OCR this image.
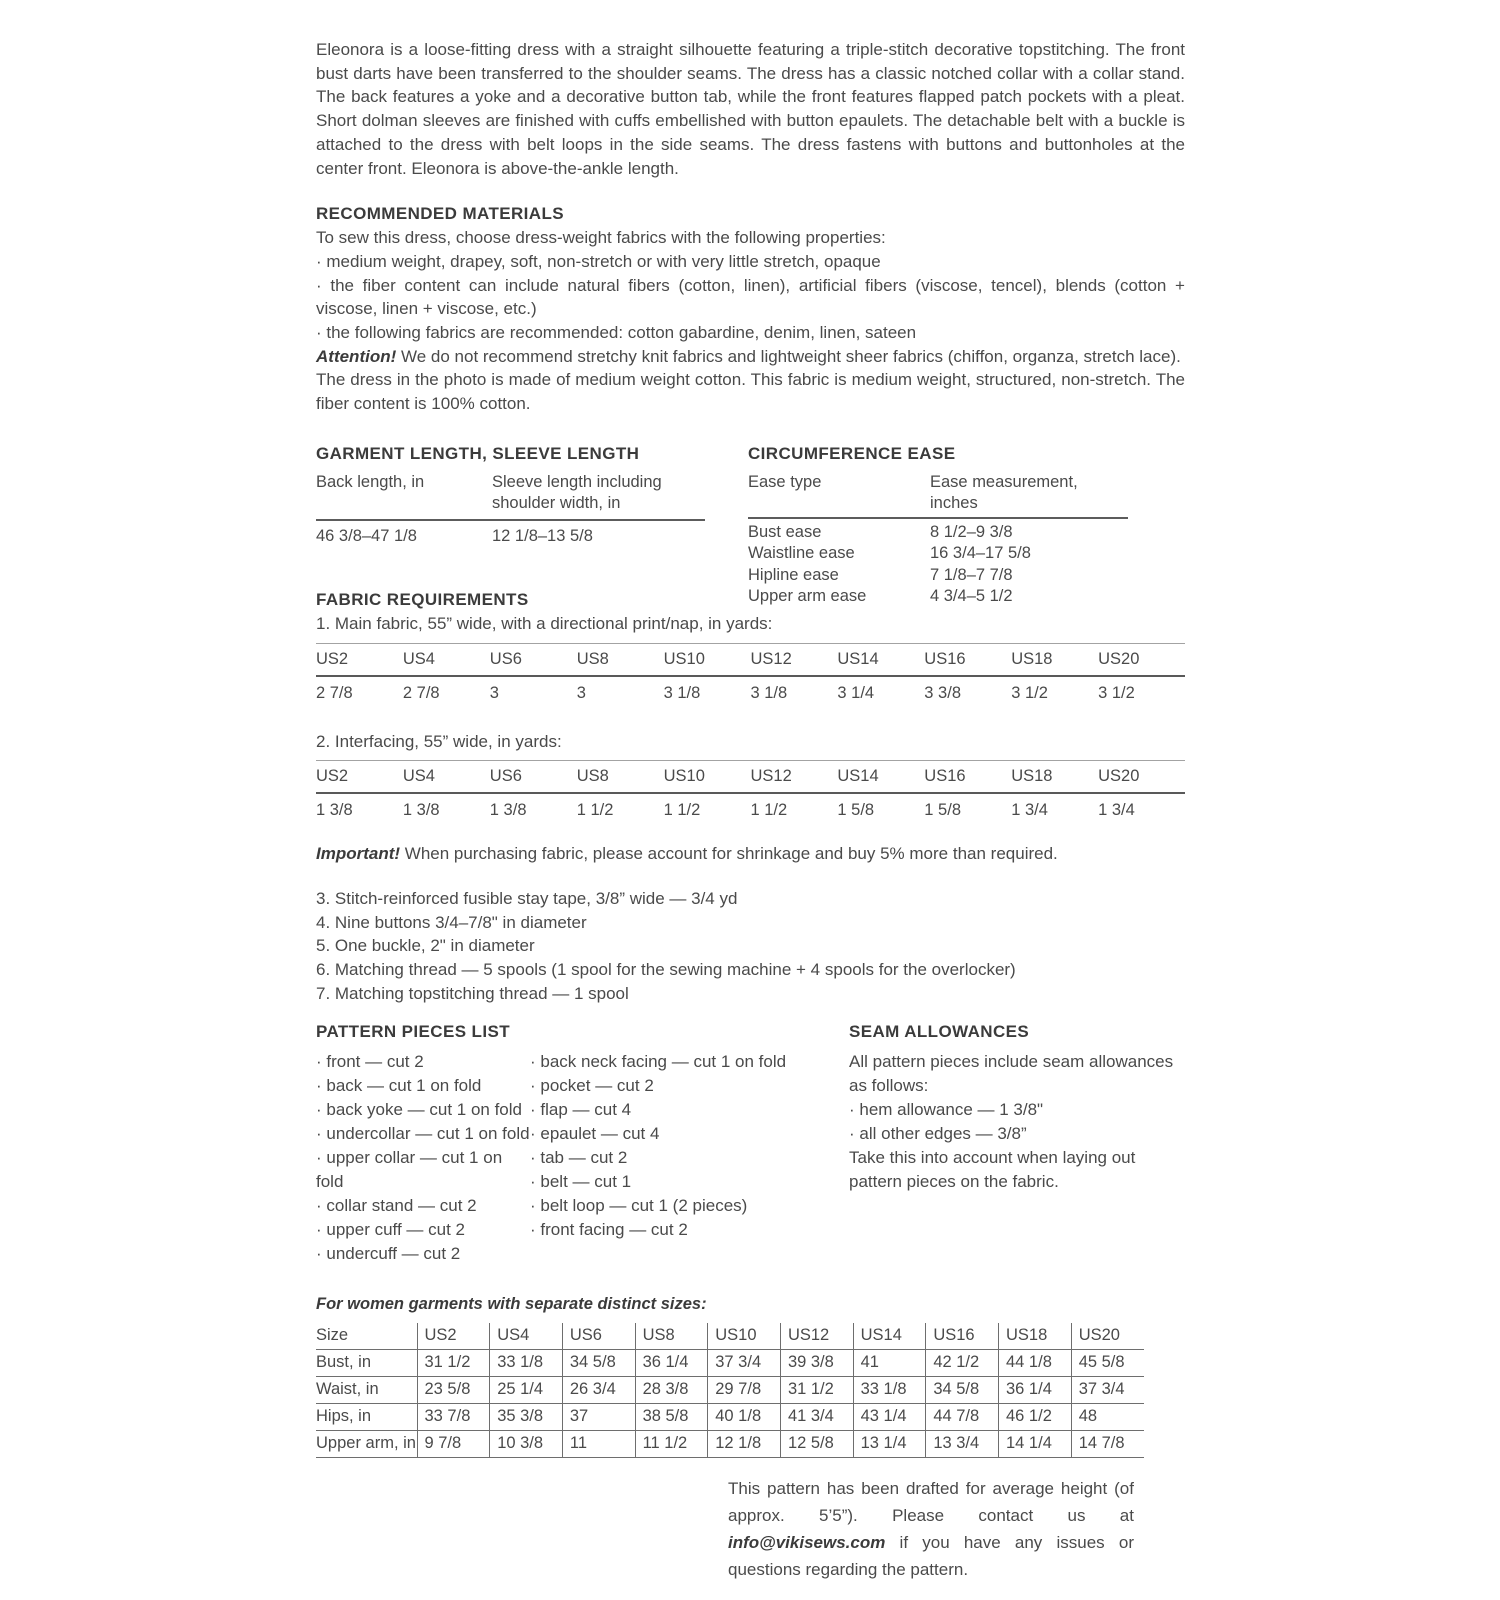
Eleonora is a loose-fitting dress with a straight silhouette featuring a triple-stitch decorative topstitching. The front bust darts have been transferred to the shoulder seams. The dress has a classic notched collar with a collar stand. The back features a yoke and a decorative button tab, while the front features flapped patch pockets with a pleat. Short dolman sleeves are finished with cuffs embellished with button epaulets. The detachable belt with a buckle is attached to the dress with belt loops in the side seams. The dress fastens with buttons and buttonholes at the center front. Eleonora is above-the-ankle length.

RECOMMENDED MATERIALS

To sew this dress, choose dress-weight fabrics with the following properties:

· medium weight, drapey, soft, non-stretch or with very little stretch, opaque

· the fiber content can include natural fibers (cotton, linen), artificial fibers (viscose, tencel), blends (cotton + viscose, linen + viscose, etc.)

· the following fabrics are recommended: cotton gabardine, denim, linen, sateen

Attention! We do not recommend stretchy knit fabrics and lightweight sheer fabrics (chiffon, organza, stretch lace).

The dress in the photo is made of medium weight cotton. This fabric is medium weight, structured, non-stretch. The fiber content is 100% cotton.

GARMENT LENGTH, SLEEVE LENGTH
Back length, in	Sleeve length including shoulder width, in
46 3/8–47 1/8	12 1/8–13 5/8
CIRCUMFERENCE EASE
Ease type	Ease measurement, inches
Bust ease	8 1/2–9 3/8
Waistline ease	16 3/4–17 5/8
Hipline ease	7 1/8–7 7/8
Upper arm ease	4 3/4–5 1/2
FABRIC REQUIREMENTS

1. Main fabric, 55” wide, with a directional print/nap, in yards:

US2	US4	US6	US8	US10	US12	US14	US16	US18	US20
2 7/8	2 7/8	3	3	3 1/8	3 1/8	3 1/4	3 3/8	3 1/2	3 1/2

2. Interfacing, 55” wide, in yards:

US2	US4	US6	US8	US10	US12	US14	US16	US18	US20
1 3/8	1 3/8	1 3/8	1 1/2	1 1/2	1 1/2	1 5/8	1 5/8	1 3/4	1 3/4

Important! When purchasing fabric, please account for shrinkage and buy 5% more than required.

3. Stitch-reinforced fusible stay tape, 3/8” wide — 3/4 yd

4. Nine buttons 3/4–7/8" in diameter

5. One buckle, 2" in diameter

6. Matching thread — 5 spools (1 spool for the sewing machine + 4 spools for the overlocker)

7. Matching topstitching thread — 1 spool

PATTERN PIECES LIST

· front — cut 2

· back — cut 1 on fold

· back yoke — cut 1 on fold

· undercollar — cut 1 on fold

· upper collar — cut 1 on fold

· collar stand — cut 2

· upper cuff — cut 2

· undercuff — cut 2

· back neck facing — cut 1 on fold

· pocket — cut 2

· flap — cut 4

· epaulet — cut 4

· tab — cut 2

· belt — cut 1

· belt loop — cut 1 (2 pieces)

· front facing — cut 2

SEAM ALLOWANCES

All pattern pieces include seam allowances as follows:

· hem allowance — 1 3/8"

· all other edges — 3/8”

Take this into account when laying out pattern pieces on the fabric.

For women garments with separate distinct sizes:
Size	US2	US4	US6	US8	US10	US12	US14	US16	US18	US20
Bust, in	31 1/2	33 1/8	34 5/8	36 1/4	37 3/4	39 3/8	41	42 1/2	44 1/8	45 5/8
Waist, in	23 5/8	25 1/4	26 3/4	28 3/8	29 7/8	31 1/2	33 1/8	34 5/8	36 1/4	37 3/4
Hips, in	33 7/8	35 3/8	37	38 5/8	40 1/8	41 3/4	43 1/4	44 7/8	46 1/2	48
Upper arm, in	9 7/8	10 3/8	11	11 1/2	12 1/8	12 5/8	13 1/4	13 3/4	14 1/4	14 7/8

This pattern has been drafted for average height (of approx. 5’5”). Please contact us at info@vikisews.com if you have any issues or questions regarding the pattern.
